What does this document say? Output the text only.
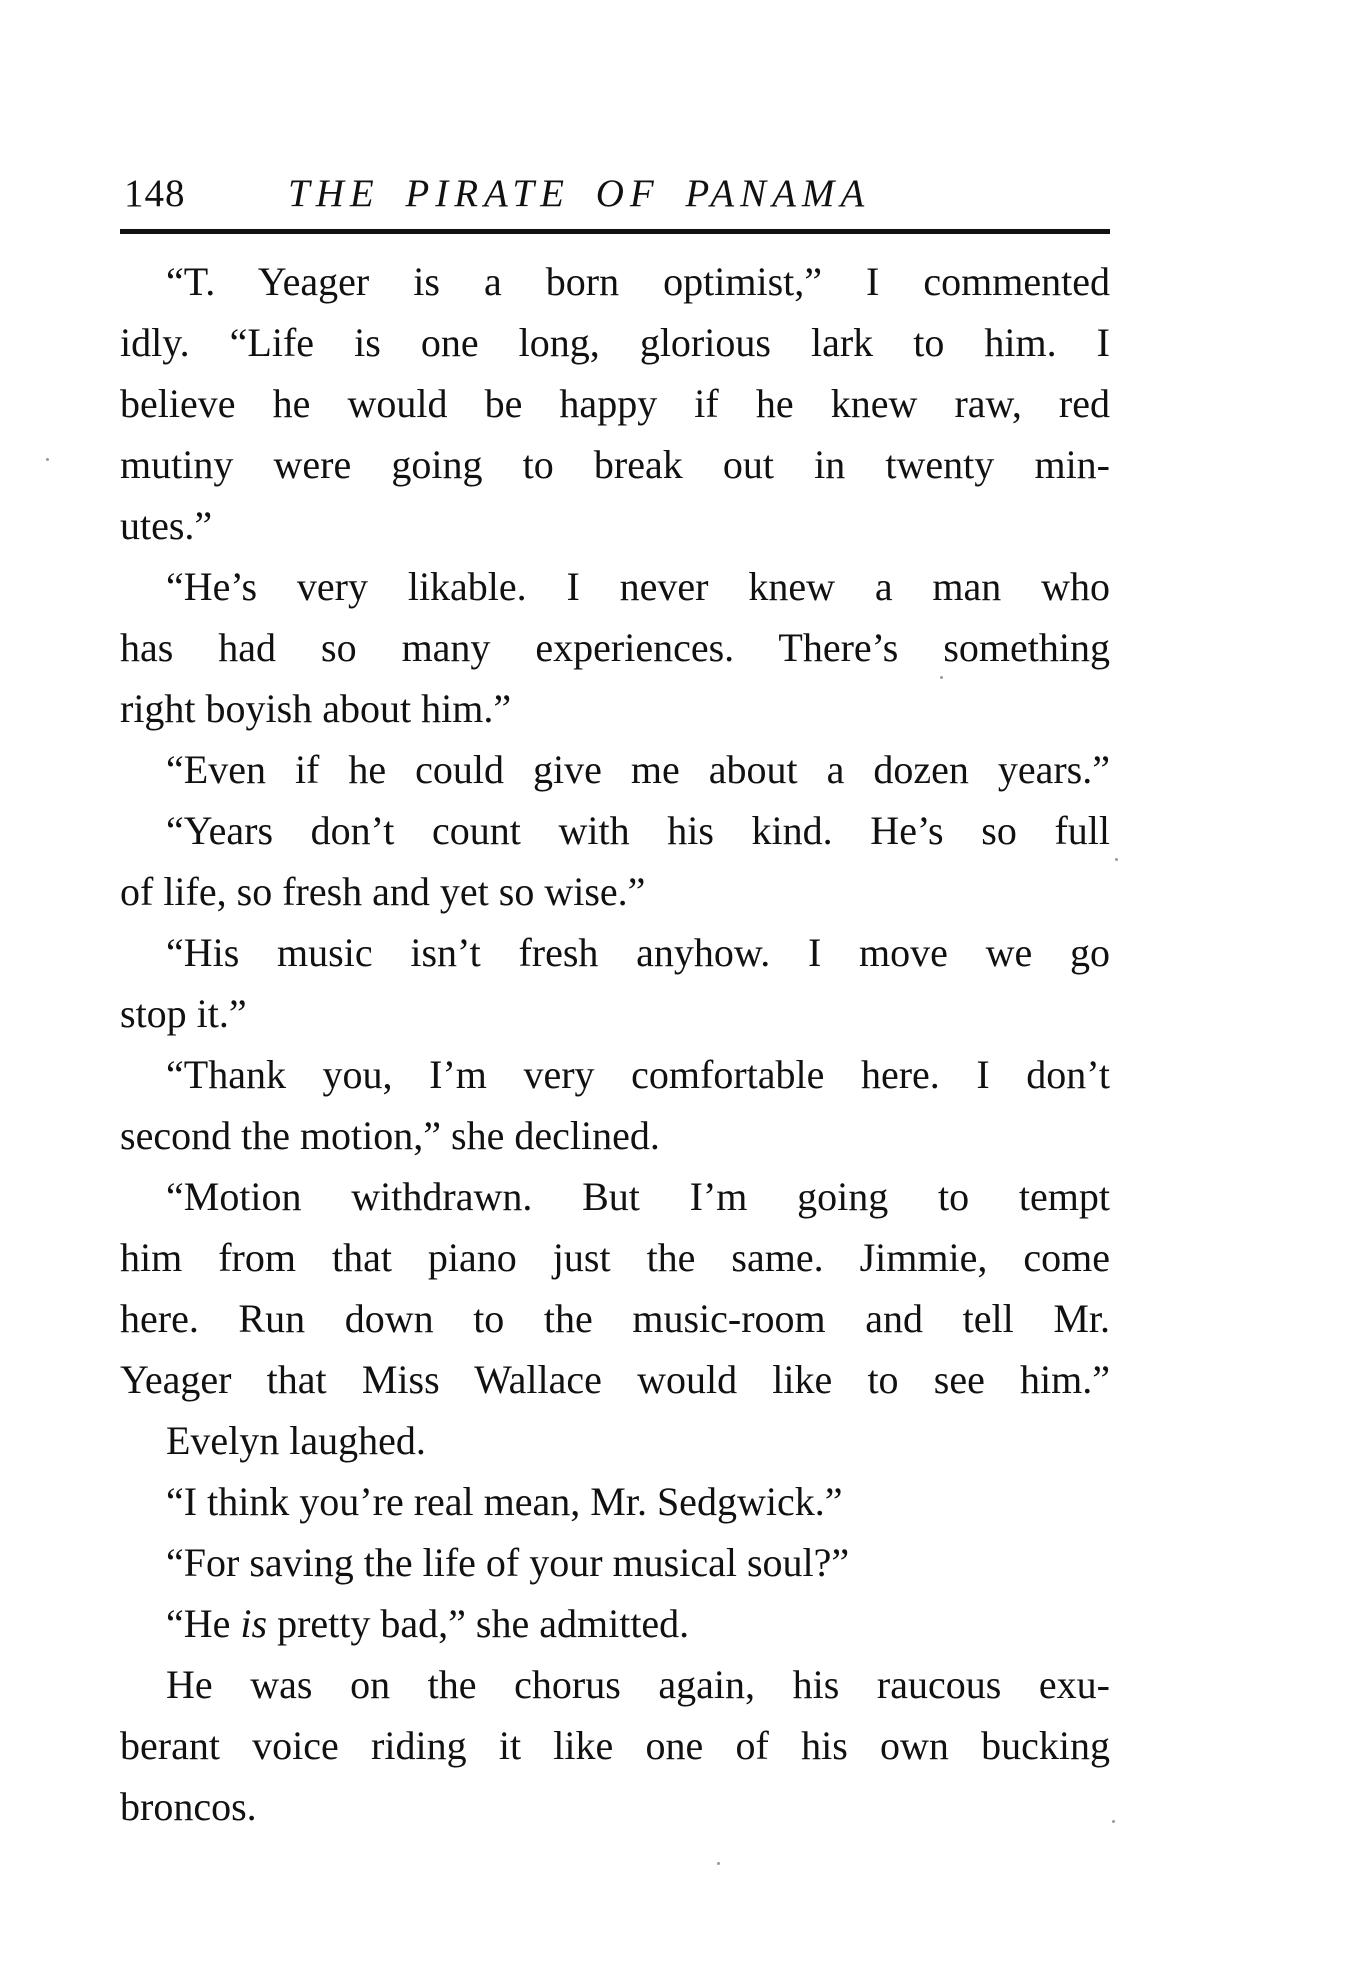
148	THE PIRATE OF PANAMA
“T. Yeager is a born optimist,” I commented
idly. “Life is one long, glorious lark to him. I
believe he would be happy if he knew raw, red
mutiny were going to break out in twenty min-
utes.”
“He’s very likable. I never knew a man who
has had so many experiences. There’s something
right boyish about him.”
“Even if he could give me about a dozen years.”
“Years don’t count with his kind. He’s so full
of life, so fresh and yet so wise.”
“His music isn’t fresh anyhow. I move we go
stop it.”
“Thank you, I’m very comfortable here. I don’t
second the motion,” she declined.
“Motion withdrawn. But I’m going to tempt
him from that piano just the same. Jimmie, come
here. Run down to the music-room and tell Mr.
Yeager that Miss Wallace would like to see him.”
Evelyn laughed.
“I think you’re real mean, Mr. Sedgwick.”
“For saving the life of your musical soul?”
“He is pretty bad,” she admitted.
He was on the chorus again, his raucous exu-
berant voice riding it like one of his own bucking
broncos.
